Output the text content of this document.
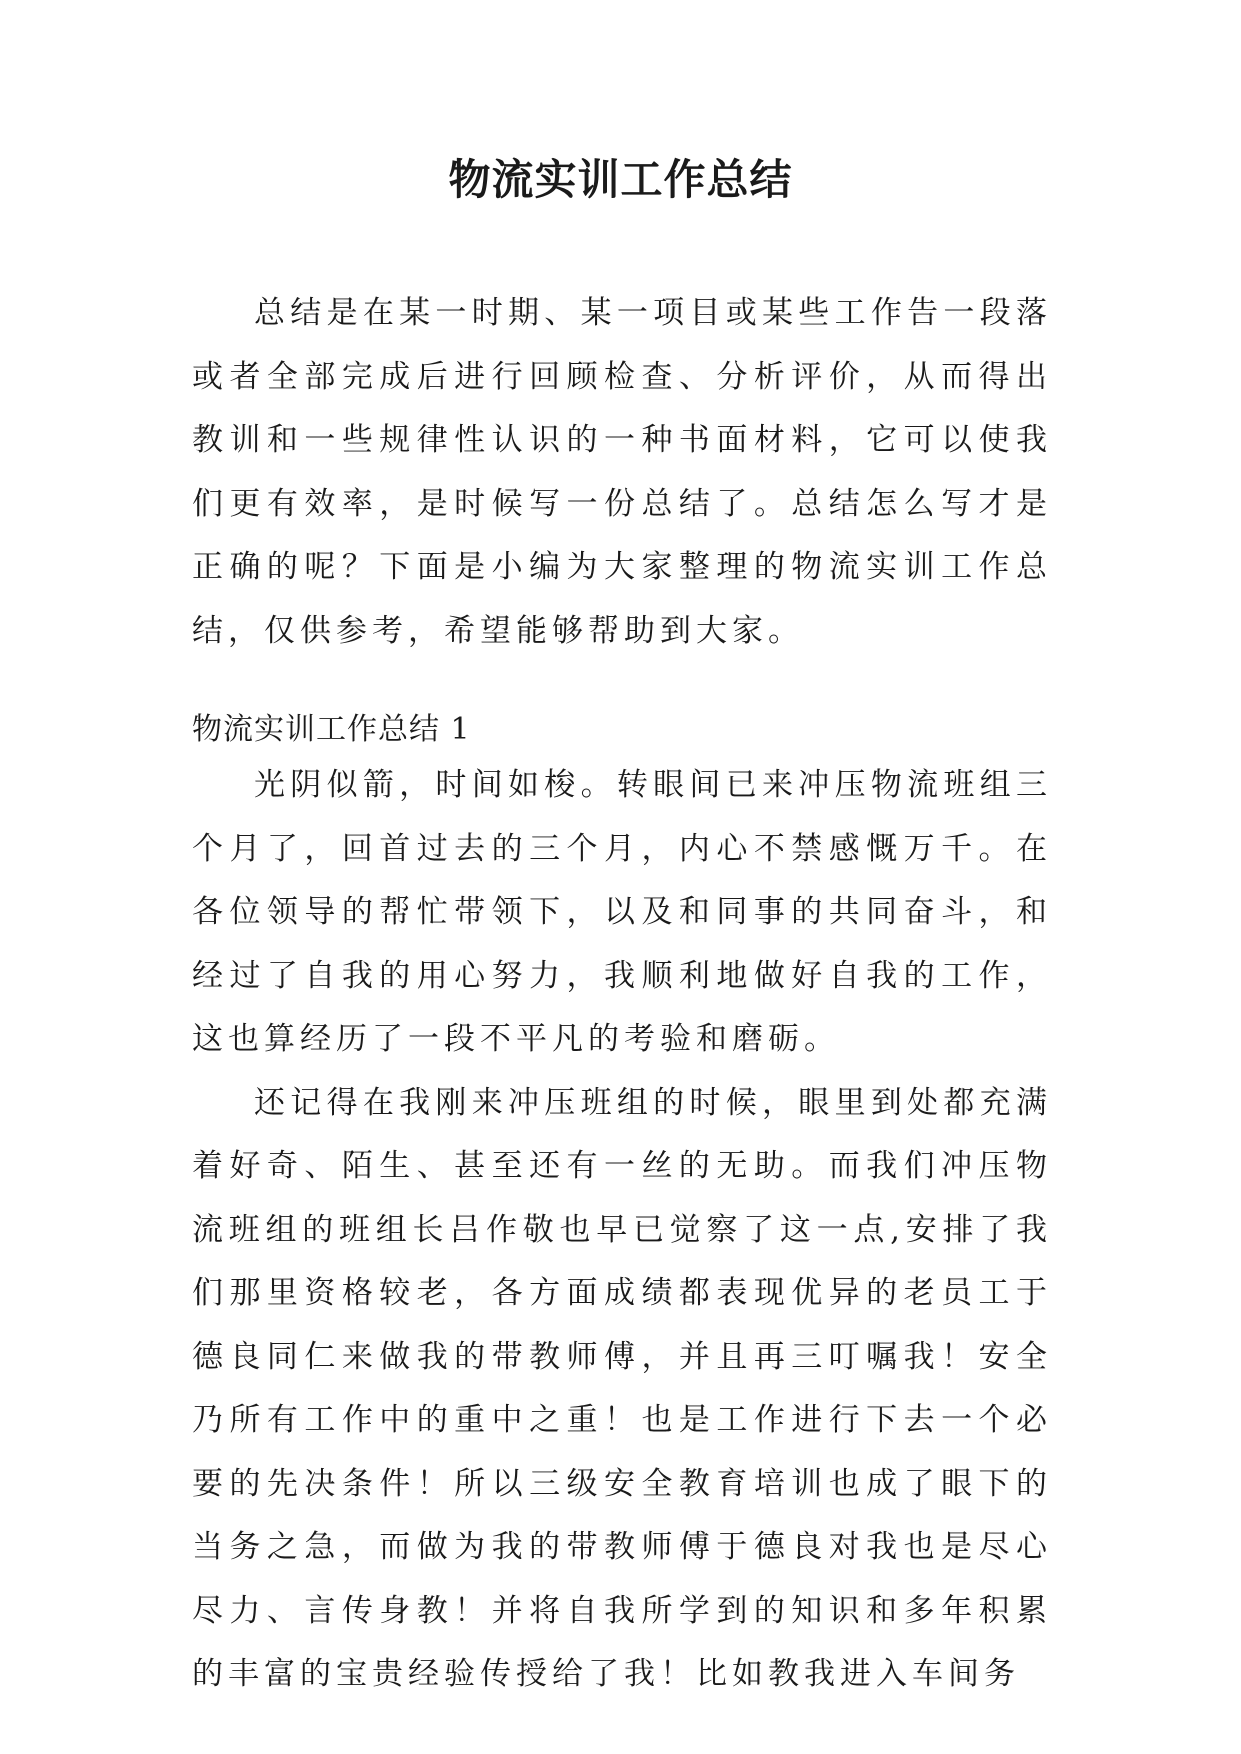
物流实训工作总结

总结是在某一时期、某一项目或某些工作告一段落或者全部完成后进行回顾检查、分析评价，从而得出教训和一些规律性认识的一种书面材料，它可以使我们更有效率，是时候写一份总结了。总结怎么写才是正确的呢？下面是小编为大家整理的物流实训工作总结，仅供参考，希望能够帮助到大家。

物流实训工作总结 1

光阴似箭，时间如梭。转眼间已来冲压物流班组三个月了，回首过去的三个月，内心不禁感慨万千。在各位领导的帮忙带领下，以及和同事的共同奋斗，和经过了自我的用心努力，我顺利地做好自我的工作，这也算经历了一段不平凡的考验和磨砺。

还记得在我刚来冲压班组的时候，眼里到处都充满着好奇、陌生、甚至还有一丝的无助。而我们冲压物流班组的班组长吕作敬也早已觉察了这一点,安排了我们那里资格较老，各方面成绩都表现优异的老员工于德良同仁来做我的带教师傅，并且再三叮嘱我！安全乃所有工作中的重中之重！也是工作进行下去一个必要的先决条件！所以三级安全教育培训也成了眼下的当务之急，而做为我的带教师傅于德良对我也是尽心尽力、言传身教！并将自我所学到的知识和多年积累的丰富的宝贵经验传授给了我！比如教我进入车间务
